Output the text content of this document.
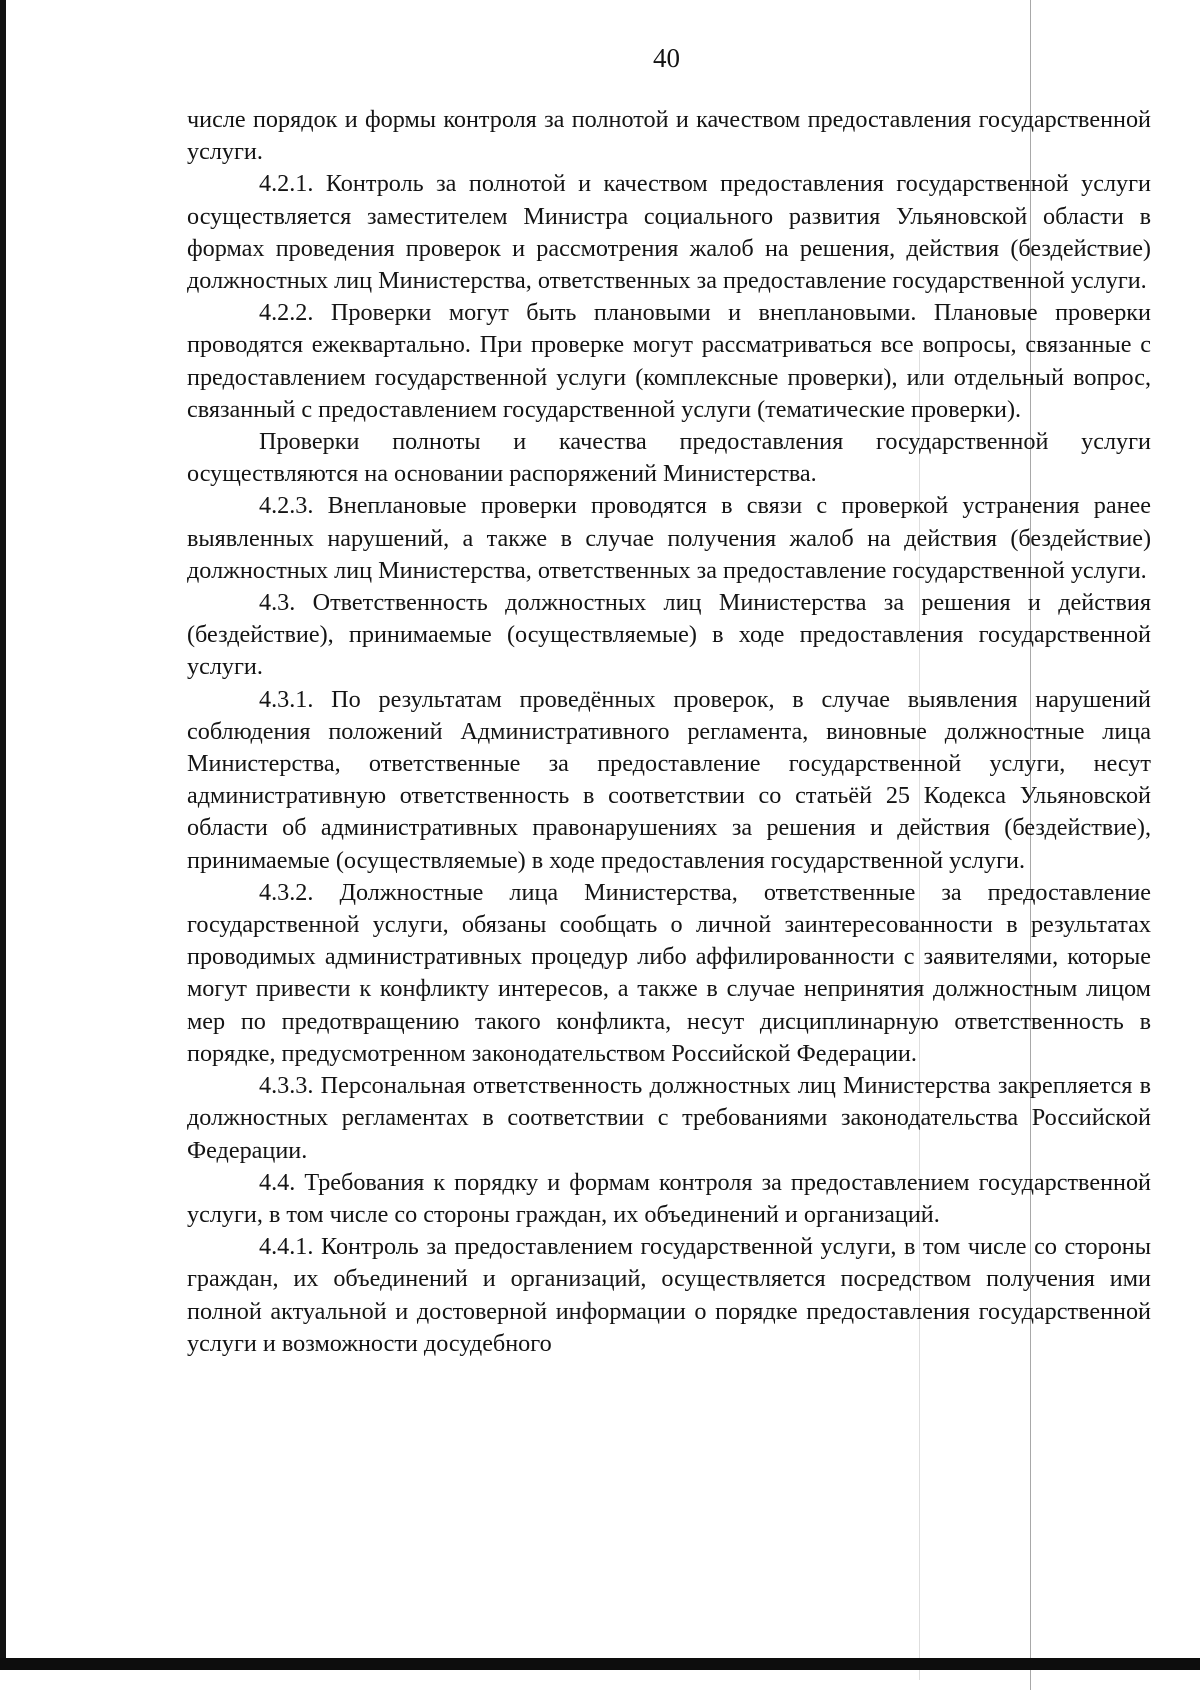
40

числе порядок и формы контроля за полнотой и качеством предоставления государственной услуги.

4.2.1. Контроль за полнотой и качеством предоставления государственной услуги осуществляется заместителем Министра социального развития Ульяновской области в формах проведения проверок и рассмотрения жалоб на решения, действия (бездействие) должностных лиц Министерства, ответственных за предоставление государственной услуги.

4.2.2. Проверки могут быть плановыми и внеплановыми. Плановые проверки проводятся ежеквартально. При проверке могут рассматриваться все вопросы, связанные с предоставлением государственной услуги (комплексные проверки), или отдельный вопрос, связанный с предоставлением государственной услуги (тематические проверки).

Проверки полноты и качества предоставления государственной услуги осуществляются на основании распоряжений Министерства.

4.2.3. Внеплановые проверки проводятся в связи с проверкой устранения ранее выявленных нарушений, а также в случае получения жалоб на действия (бездействие) должностных лиц Министерства, ответственных за предоставление государственной услуги.

4.3. Ответственность должностных лиц Министерства за решения и действия (бездействие), принимаемые (осуществляемые) в ходе предоставления государственной услуги.

4.3.1. По результатам проведённых проверок, в случае выявления нарушений соблюдения положений Административного регламента, виновные должностные лица Министерства, ответственные за предоставление государственной услуги, несут административную ответственность в соответствии со статьёй 25 Кодекса Ульяновской области об административных правонарушениях за решения и действия (бездействие), принимаемые (осуществляемые) в ходе предоставления государственной услуги.

4.3.2. Должностные лица Министерства, ответственные за предоставление государственной услуги, обязаны сообщать о личной заинтересованности в результатах проводимых административных процедур либо аффилированности с заявителями, которые могут привести к конфликту интересов, а также в случае непринятия должностным лицом мер по предотвращению такого конфликта, несут дисциплинарную ответственность в порядке, предусмотренном законодательством Российской Федерации.

4.3.3. Персональная ответственность должностных лиц Министерства закрепляется в должностных регламентах в соответствии с требованиями законодательства Российской Федерации.

4.4. Требования к порядку и формам контроля за предоставлением государственной услуги, в том числе со стороны граждан, их объединений и организаций.

4.4.1. Контроль за предоставлением государственной услуги, в том числе со стороны граждан, их объединений и организаций, осуществляется посредством получения ими полной актуальной и достоверной информации о порядке предоставления государственной услуги и возможности досудебного
